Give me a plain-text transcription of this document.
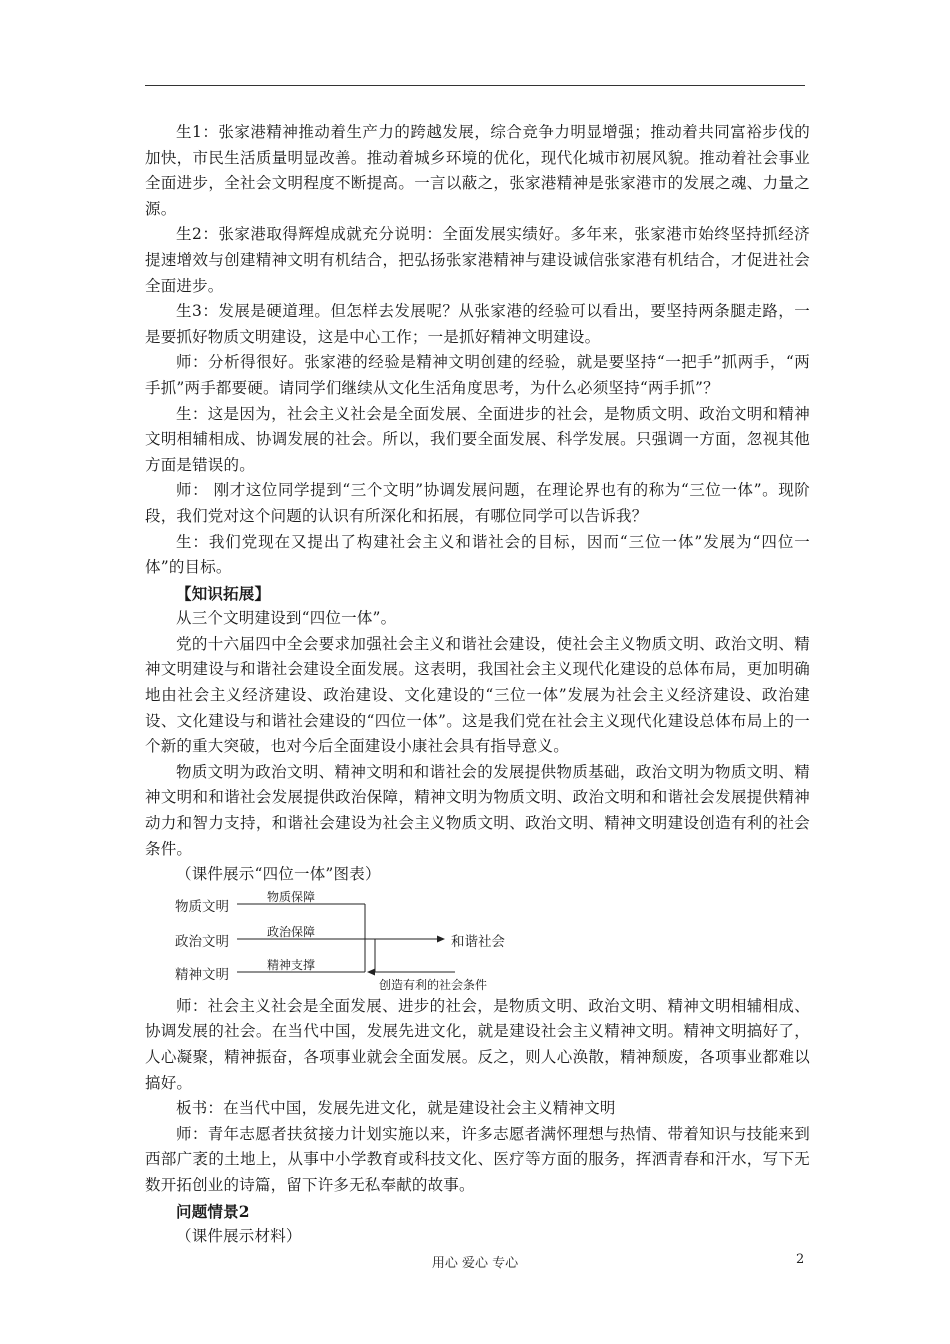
生1：张家港精神推动着生产力的跨越发展，综合竞争力明显增强；推动着共同富裕步伐的加快，市民生活质量明显改善。推动着城乡环境的优化，现代化城市初展风貌。推动着社会事业全面进步，全社会文明程度不断提高。一言以蔽之，张家港精神是张家港市的发展之魂、力量之源。

生2：张家港取得辉煌成就充分说明：全面发展实绩好。多年来，张家港市始终坚持抓经济提速增效与创建精神文明有机结合，把弘扬张家港精神与建设诚信张家港有机结合，才促进社会全面进步。

生3：发展是硬道理。但怎样去发展呢？从张家港的经验可以看出，要坚持两条腿走路，一是要抓好物质文明建设，这是中心工作；一是抓好精神文明建设。

师：分析得很好。张家港的经验是精神文明创建的经验，就是要坚持“一把手”抓两手，“两手抓”两手都要硬。请同学们继续从文化生活角度思考，为什么必须坚持“两手抓”？

生：这是因为，社会主义社会是全面发展、全面进步的社会，是物质文明、政治文明和精神文明相辅相成、协调发展的社会。所以，我们要全面发展、科学发展。只强调一方面，忽视其他方面是错误的。

师： 刚才这位同学提到“三个文明”协调发展问题，在理论界也有的称为“三位一体”。现阶段，我们党对这个问题的认识有所深化和拓展，有哪位同学可以告诉我？

生：我们党现在又提出了构建社会主义和谐社会的目标，因而“三位一体”发展为“四位一体”的目标。

【知识拓展】

从三个文明建设到“四位一体”。

党的十六届四中全会要求加强社会主义和谐社会建设，使社会主义物质文明、政治文明、精神文明建设与和谐社会建设全面发展。这表明，我国社会主义现代化建设的总体布局，更加明确地由社会主义经济建设、政治建设、文化建设的“三位一体”发展为社会主义经济建设、政治建设、文化建设与和谐社会建设的“四位一体”。这是我们党在社会主义现代化建设总体布局上的一个新的重大突破，也对今后全面建设小康社会具有指导意义。

物质文明为政治文明、精神文明和和谐社会的发展提供物质基础，政治文明为物质文明、精神文明和和谐社会发展提供政治保障，精神文明为物质文明、政治文明和和谐社会发展提供精神动力和智力支持，和谐社会建设为社会主义物质文明、政治文明、精神文明建设创造有利的社会条件。

（课件展示“四位一体”图表）

物质文明
政治文明
精神文明
物质保障
政治保障
精神支撑
和谐社会
创造有利的社会条件

师：社会主义社会是全面发展、进步的社会，是物质文明、政治文明、精神文明相辅相成、协调发展的社会。在当代中国，发展先进文化，就是建设社会主义精神文明。精神文明搞好了，人心凝聚，精神振奋，各项事业就会全面发展。反之，则人心涣散，精神颓废，各项事业都难以搞好。

板书：在当代中国，发展先进文化，就是建设社会主义精神文明

师：青年志愿者扶贫接力计划实施以来，许多志愿者满怀理想与热情、带着知识与技能来到西部广袤的土地上，从事中小学教育或科技文化、医疗等方面的服务，挥洒青春和汗水，写下无数开拓创业的诗篇，留下许多无私奉献的故事。

问题情景2

（课件展示材料）

用心 爱心 专心	2
